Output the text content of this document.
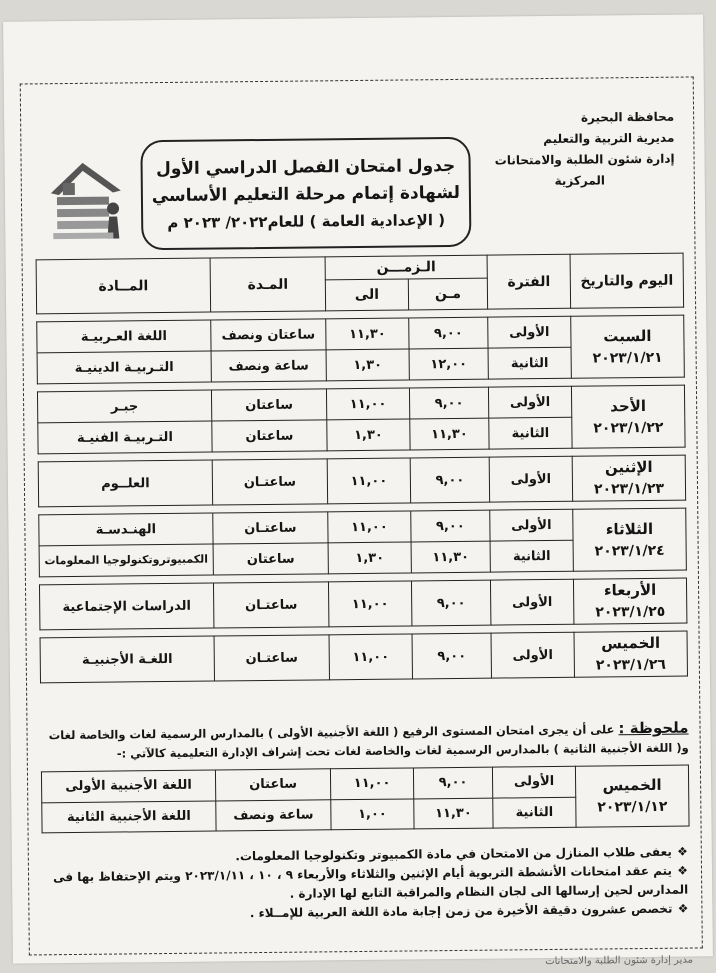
محافظة البحيرة
مديرية التربية والتعليم
إدارة شئون الطلبة والامتحانات
المركزية
جدول امتحان الفصل الدراسي الأول
لشهادة إتمام مرحلة التعليم الأساسي
( الإعدادية العامة ) للعام٢٠٢٢/ ٢٠٢٣ م
اليوم والتاريخ	الفترة	الـزمـــن		المـدة	المــادة
		مـن	الى		

السبت
٢٠٢٣/١/٢١	الأولى	٩,٠٠	١١,٣٠	ساعتان ونصف	اللغة العـربيـة
	الثانية	١٢,٠٠	١,٣٠	ساعة ونصف	التـربيـة الدينيـة

الأحد
٢٠٢٣/١/٢٢	الأولى	٩,٠٠	١١,٠٠	ساعتان	جبـر
	الثانية	١١,٣٠	١,٣٠	ساعتان	التـربيـة الفنيـة

الإثنين
٢٠٢٣/١/٢٣	الأولى	٩,٠٠	١١,٠٠	ساعتـان	العلــوم

الثلاثاء
٢٠٢٣/١/٢٤	الأولى	٩,٠٠	١١,٠٠	ساعتـان	الهنـدسـة
	الثانية	١١,٣٠	١,٣٠	ساعتان	الكمبيوتروتكنولوجيا المعلومات

الأربعاء
٢٠٢٣/١/٢٥	الأولى	٩,٠٠	١١,٠٠	ساعتـان	الدراسات الإجتماعية

الخميس
٢٠٢٣/١/٢٦	الأولى	٩,٠٠	١١,٠٠	ساعتـان	اللغـة الأجنبيـة
ملحوظة : على أن يجرى امتحان المستوى الرفيع ( اللغة الأجنبية الأولى ) بالمدارس الرسمية لغات والخاصة لغات
و( اللغة الأجنبية الثانية ) بالمدارس الرسمية لغات والخاصة لغات تحت إشراف الإدارة التعليمية كالآتي :-
الخميس
٢٠٢٣/١/١٢	الأولى	٩,٠٠	١١,٠٠	ساعتان	اللغة الأجنبية الأولى
	الثانية	١١,٣٠	١,٠٠	ساعة ونصف	اللغة الأجنبية الثانية
❖يعفى طلاب المنازل من الامتحان في مادة الكمبيوتر وتكنولوجيا المعلومات.
❖يتم عقد امتحانات الأنشطة التربوية أيام الإثنين والثلاثاء والأربعاء ٩ ، ١٠ ، ٢٠٢٣/١/١١ ويتم الإحتفاظ بها فى المدارس لحين إرسالها الى لجان النظام والمراقبة التابع لها الإدارة .
❖تخصص عشرون دقيقة الأخيرة من زمن إجابة مادة اللغة العربية للإمــلاء .
مدير إدارة شئون الطلبة والامتحانات
